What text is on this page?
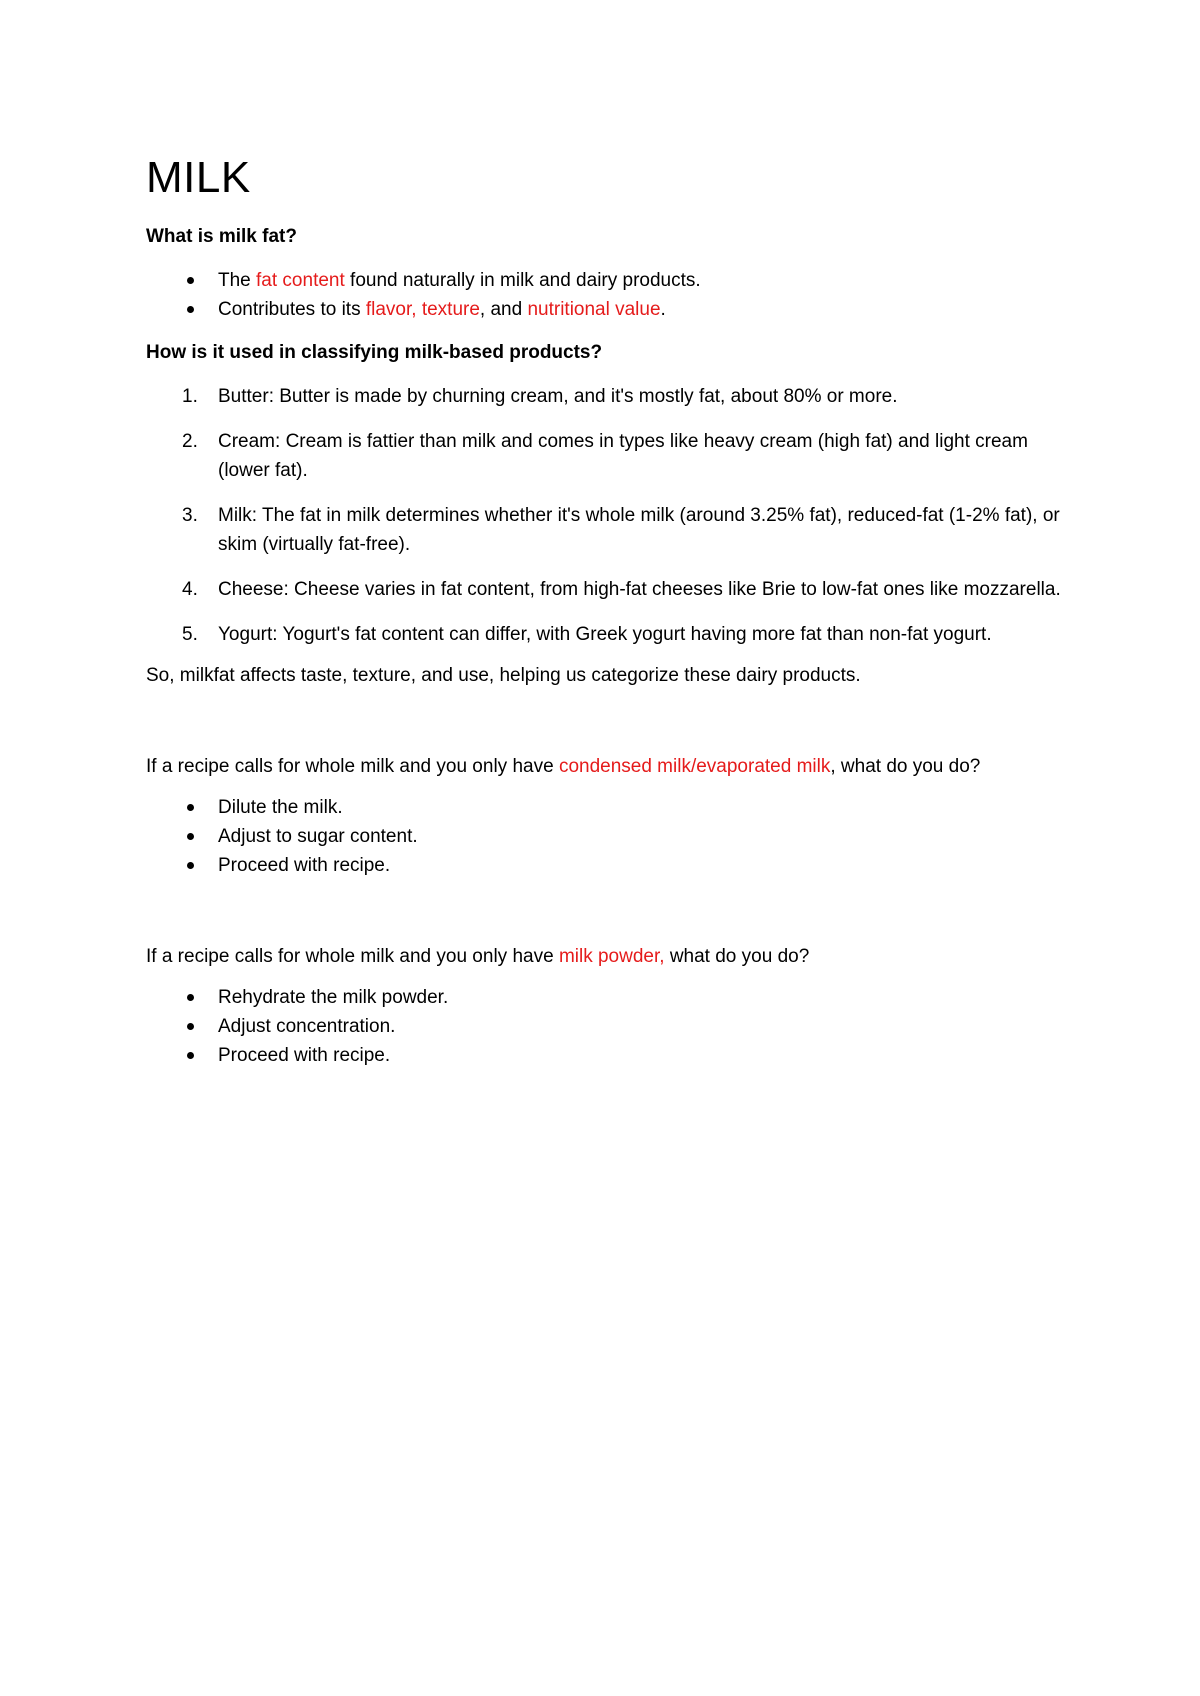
MILK

What is milk fat?

The fat content found naturally in milk and dairy products.
Contributes to its flavor, texture, and nutritional value.

How is it used in classifying milk-based products?

1. Butter: Butter is made by churning cream, and it's mostly fat, about 80% or more.
2. Cream: Cream is fattier than milk and comes in types like heavy cream (high fat) and light cream (lower fat).
3. Milk: The fat in milk determines whether it's whole milk (around 3.25% fat), reduced-fat (1-2% fat), or skim (virtually fat-free).
4. Cheese: Cheese varies in fat content, from high-fat cheeses like Brie to low-fat ones like mozzarella.
5. Yogurt: Yogurt's fat content can differ, with Greek yogurt having more fat than non-fat yogurt.

So, milkfat affects taste, texture, and use, helping us categorize these dairy products.

If a recipe calls for whole milk and you only have condensed milk/evaporated milk, what do you do?

Dilute the milk.
Adjust to sugar content.
Proceed with recipe.

If a recipe calls for whole milk and you only have milk powder, what do you do?

Rehydrate the milk powder.
Adjust concentration.
Proceed with recipe.
